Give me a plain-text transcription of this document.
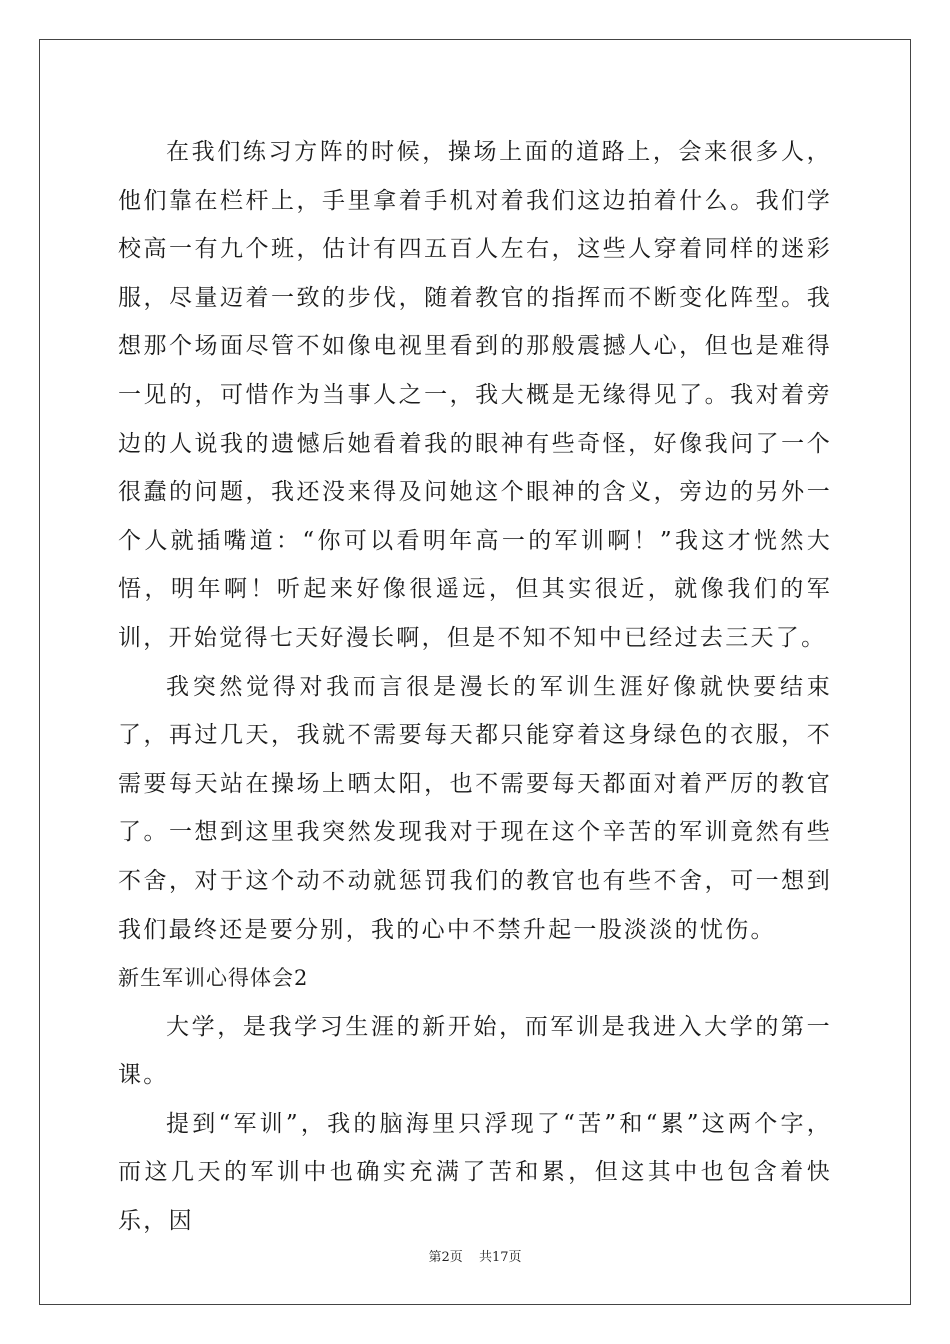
在我们练习方阵的时候，操场上面的道路上，会来很多人，他们靠在栏杆上，手里拿着手机对着我们这边拍着什么。我们学校高一有九个班，估计有四五百人左右，这些人穿着同样的迷彩服，尽量迈着一致的步伐，随着教官的指挥而不断变化阵型。我想那个场面尽管不如像电视里看到的那般震撼人心，但也是难得一见的，可惜作为当事人之一，我大概是无缘得见了。我对着旁边的人说我的遗憾后她看着我的眼神有些奇怪，好像我问了一个很蠢的问题，我还没来得及问她这个眼神的含义，旁边的另外一个人就插嘴道：“你可以看明年高一的军训啊！”我这才恍然大悟，明年啊！听起来好像很遥远，但其实很近，就像我们的军训，开始觉得七天好漫长啊，但是不知不知中已经过去三天了。

我突然觉得对我而言很是漫长的军训生涯好像就快要结束了，再过几天，我就不需要每天都只能穿着这身绿色的衣服，不需要每天站在操场上晒太阳，也不需要每天都面对着严厉的教官了。一想到这里我突然发现我对于现在这个辛苦的军训竟然有些不舍，对于这个动不动就惩罚我们的教官也有些不舍，可一想到我们最终还是要分别，我的心中不禁升起一股淡淡的忧伤。

新生军训心得体会2

大学，是我学习生涯的新开始，而军训是我进入大学的第一课。

提到“军训”，我的脑海里只浮现了“苦”和“累”这两个字，而这几天的军训中也确实充满了苦和累，但这其中也包含着快乐，因

第2页 共17页
